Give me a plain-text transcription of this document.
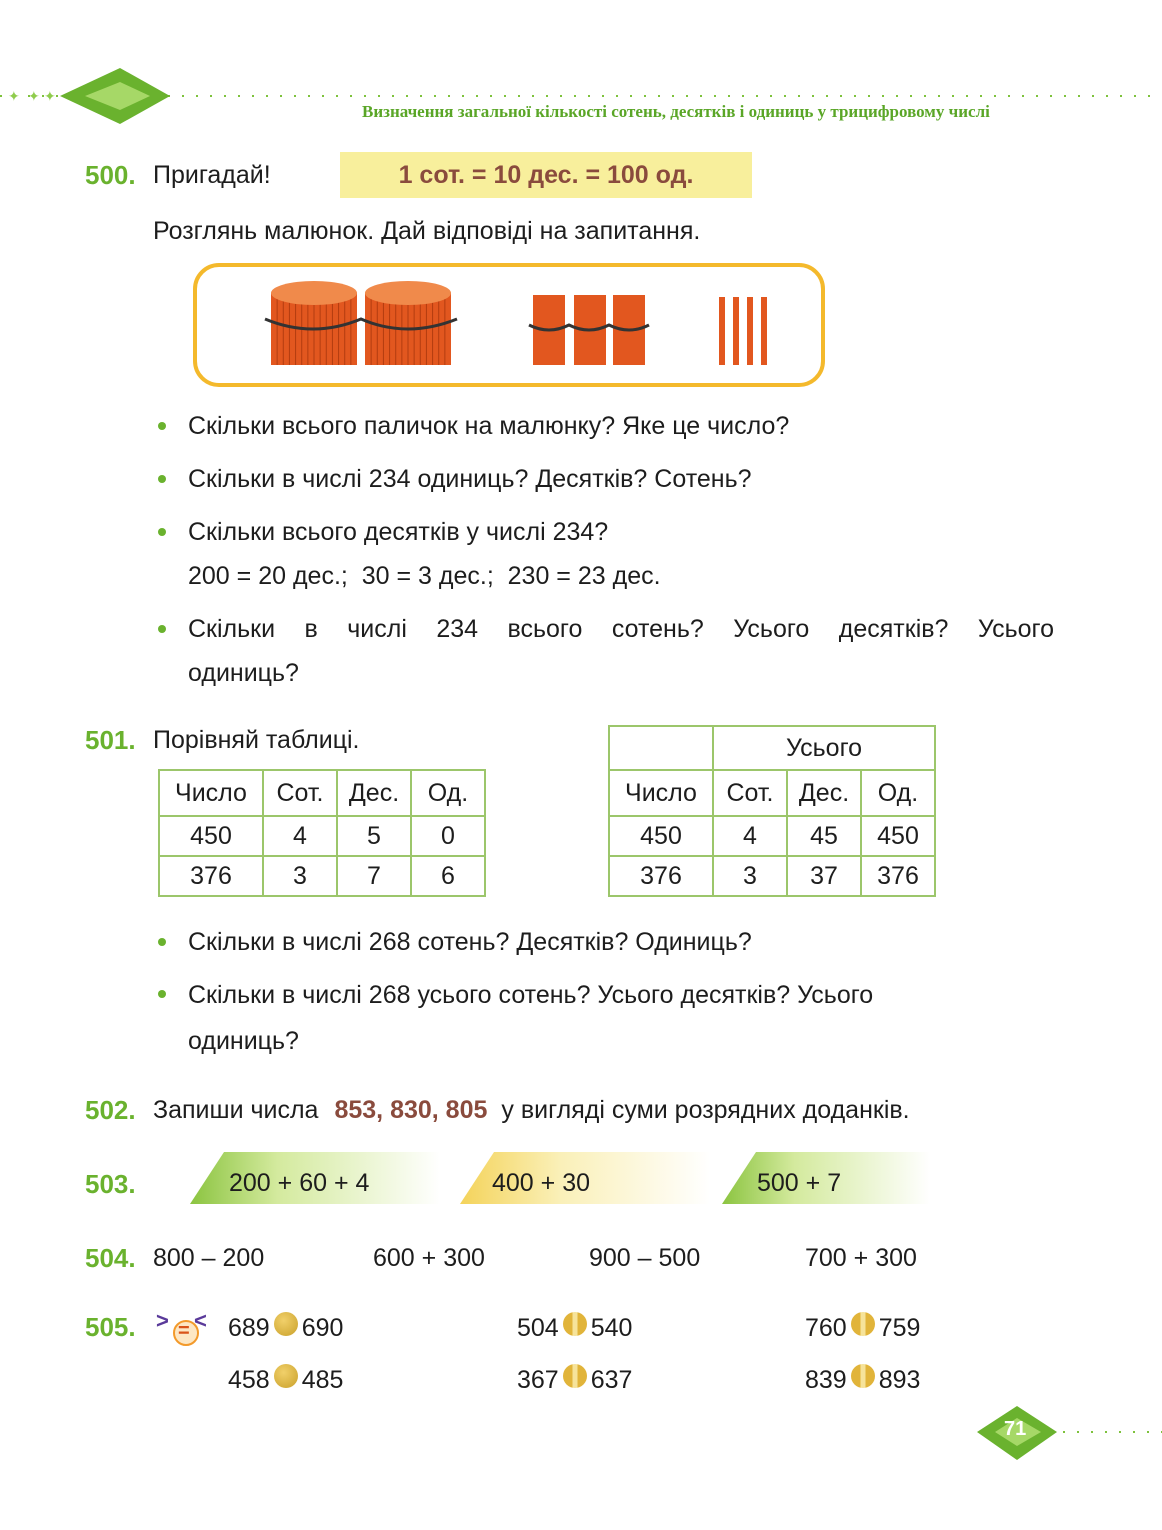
✦ ✦ ✦
Визначення загальної кількості сотень, десятків і одиниць у трицифровому числі
500. Пригадай!	1 сот. = 10 дес. = 100 од.
Розглянь малюнок. Дай відповіді на запитання.
Скільки всього паличок на малюнку? Яке це число?
Скільки в числі 234 одиниць? Десятків? Сотень?
Скільки всього десятків у числі 234?
200 = 20 дес.;  30 = 3 дес.;  230 = 23 дес.
Скільки в числі 234 всього сотень? Усього десятків? Усього одиниць?
501. Порівняй таблиці.
Число	Сот.	Дес.	Од.
450	4	5	0
376	3	7	6
	Усього		
Число	Сот.	Дес.	Од.
450	4	45	450
376	3	37	376
Скільки в числі 268 сотень? Десятків? Одиниць?
Скільки в числі 268 усього сотень? Усього десятків? Усього одиниць?
502. Запиши числа 853, 830, 805 у вигляді суми розрядних доданків.
503.	200 + 60 + 4	400 + 30	500 + 7
504. 800 – 200	600 + 300	900 – 500	700 + 300
505. > = < 689 690	504 540	760 759
458 485	367 637	839 893
71
